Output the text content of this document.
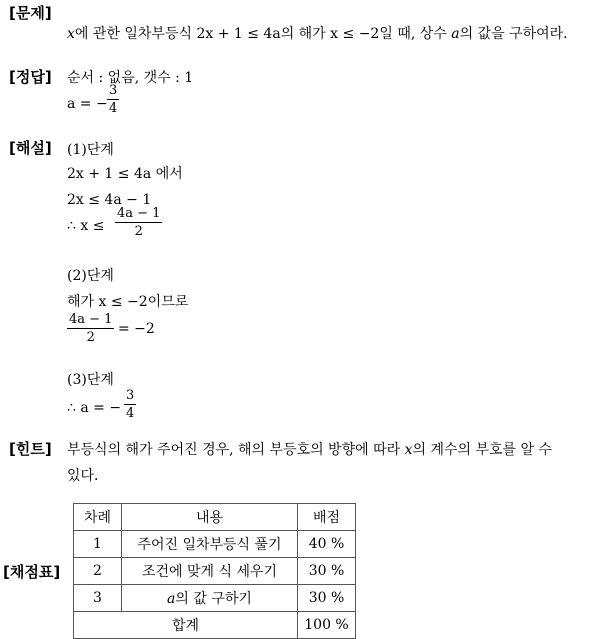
[문제]
[정답]
[해설]
[힌트]
[채점표]
x에 관한 일차부등식 2x + 1 ≤ 4a의 해가 x ≤ −2일 때, 상수 a의 값을 구하여라.
순서 : 없음, 갯수 : 1
a = − $\frac{3}{4}$
(1)단계
2x + 1 ≤ 4a 에서
2x ≤ 4a − 1
∴ $x \le \frac{4a - 1}{2}$
(2)단계
해가 x ≤ −2이므로
$\frac{4a - 1}{2} = -2$
(3)단계
∴ a = − $\frac{3}{4}$
부등식의 해가 주어진 경우, 해의 부등호의 방향에 따라 x의 계수의 부호를 알 수
있다.
차례	내용	배점
1	주어진 일차부등식 풀기	40 %
2	조건에 맞게 식 세우기	30 %
3	a의 값 구하기	30 %
합계		100 %
